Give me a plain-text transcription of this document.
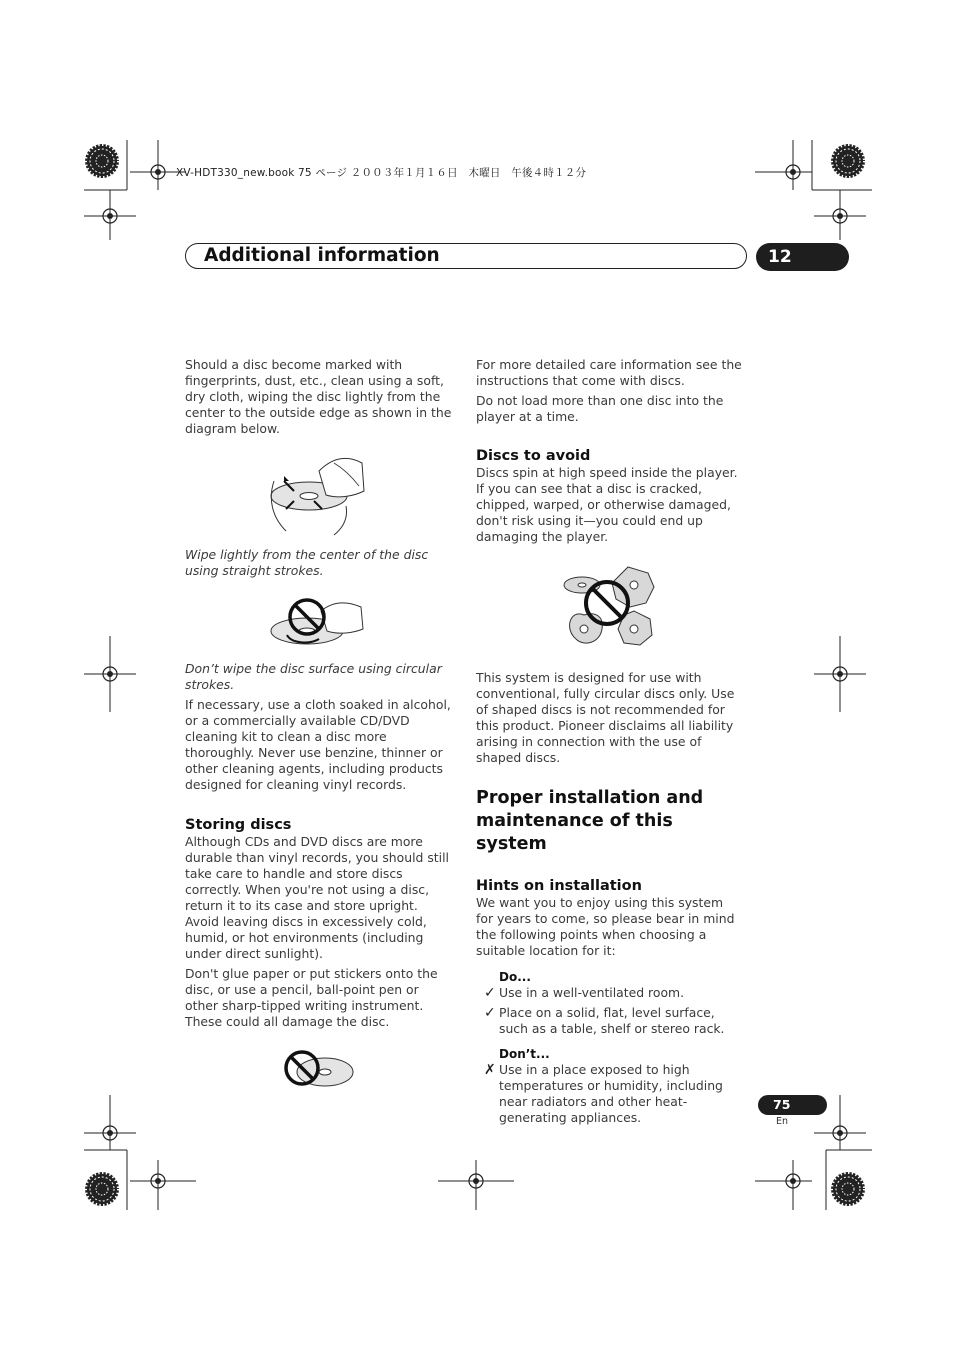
XV-HDT330_new.book 75 ページ ２００３年１月１６日　木曜日　午後４時１２分
Additional information	12

Should a disc become marked with fingerprints, dust, etc., clean using a soft, dry cloth, wiping the disc lightly from the center to the outside edge as shown in the diagram below.

Wipe lightly from the center of the disc using straight strokes.

Don’t wipe the disc surface using circular strokes.

If necessary, use a cloth soaked in alcohol, or a commercially available CD/DVD cleaning kit to clean a disc more thoroughly. Never use benzine, thinner or other cleaning agents, including products designed for cleaning vinyl records.

Storing discs

Although CDs and DVD discs are more durable than vinyl records, you should still take care to handle and store discs correctly. When you're not using a disc, return it to its case and store upright. Avoid leaving discs in excessively cold, humid, or hot environments (including under direct sunlight).

Don't glue paper or put stickers onto the disc, or use a pencil, ball-point pen or other sharp-tipped writing instrument. These could all damage the disc.

For more detailed care information see the instructions that come with discs.

Do not load more than one disc into the player at a time.

Discs to avoid

Discs spin at high speed inside the player. If you can see that a disc is cracked, chipped, warped, or otherwise damaged, don't risk using it—you could end up damaging the player.

This system is designed for use with conventional, fully circular discs only. Use of shaped discs is not recommended for this product. Pioneer disclaims all liability arising in connection with the use of shaped discs.

Proper installation and maintenance of this system
Hints on installation

We want you to enjoy using this system for years to come, so please bear in mind the following points when choosing a suitable location for it:

Do...
✓ Use in a well-ventilated room.

✓ Place on a solid, flat, level surface, such as a table, shelf or stereo rack.

Don’t...
✗ Use in a place exposed to high temperatures or humidity, including near radiators and other heat-generating appliances.

75
En
